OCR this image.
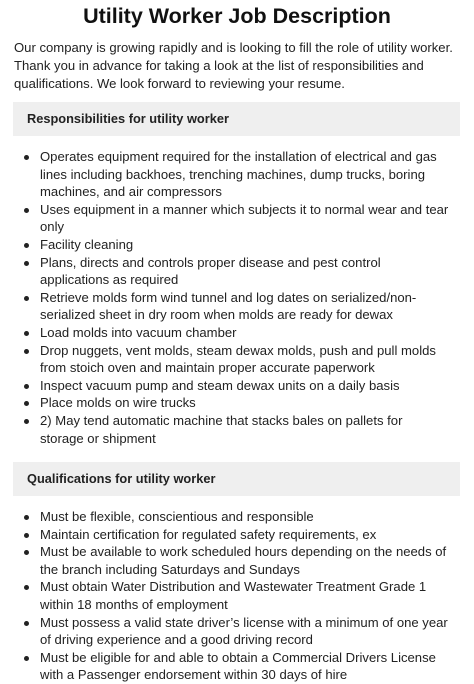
Utility Worker Job Description

Our company is growing rapidly and is looking to fill the role of utility worker. Thank you in advance for taking a look at the list of responsibilities and qualifications. We look forward to reviewing your resume.

Responsibilities for utility worker
Operates equipment required for the installation of electrical and gas lines including backhoes, trenching machines, dump trucks, boring machines, and air compressors
Uses equipment in a manner which subjects it to normal wear and tear only
Facility cleaning
Plans, directs and controls proper disease and pest control applications as required
Retrieve molds form wind tunnel and log dates on serialized/non-serialized sheet in dry room when molds are ready for dewax
Load molds into vacuum chamber
Drop nuggets, vent molds, steam dewax molds, push and pull molds from stoich oven and maintain proper accurate paperwork
Inspect vacuum pump and steam dewax units on a daily basis
Place molds on wire trucks
2) May tend automatic machine that stacks bales on pallets for storage or shipment
Qualifications for utility worker
Must be flexible, conscientious and responsible
Maintain certification for regulated safety requirements, ex
Must be available to work scheduled hours depending on the needs of the branch including Saturdays and Sundays
Must obtain Water Distribution and Wastewater Treatment Grade 1 within 18 months of employment
Must possess a valid state driver’s license with a minimum of one year of driving experience and a good driving record
Must be eligible for and able to obtain a Commercial Drivers License with a Passenger endorsement within 30 days of hire
